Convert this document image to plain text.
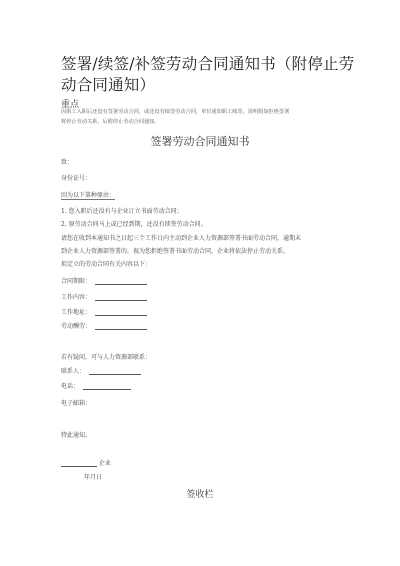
签署/续签/补签劳动合同通知书（附停止劳动合同通知）
重点
因职工入职后还没有签署劳动合同，或还没有续签劳动合同，单位通知职工续签，说明假如拒绝签署
将停止劳动关系，后附停止劳动合同通知。
签署劳动合同通知书
致：
身份证号：
因为以下第种原由：
1. 您入职后还没有与企业订立书面劳动合同；
2. 原劳动合同马上或已经到期，还没有续签劳动合同。
请您在收到本通知书之日起三个工作日内主动到企业人力资源部签署书面劳动合同，逾期未
到企业人力资源部签署的，视为您拒绝签署书面劳动合同，企业将依法停止劳动关系。
拟定立的劳动合同有关内容以下：
合同期限：
工作内容：
工作地址：
劳动酬劳：
若有疑问，可与人力资源部联系：
联系人：
电话：
电子邮箱：
特此通知。
企业
年月日
签收栏
